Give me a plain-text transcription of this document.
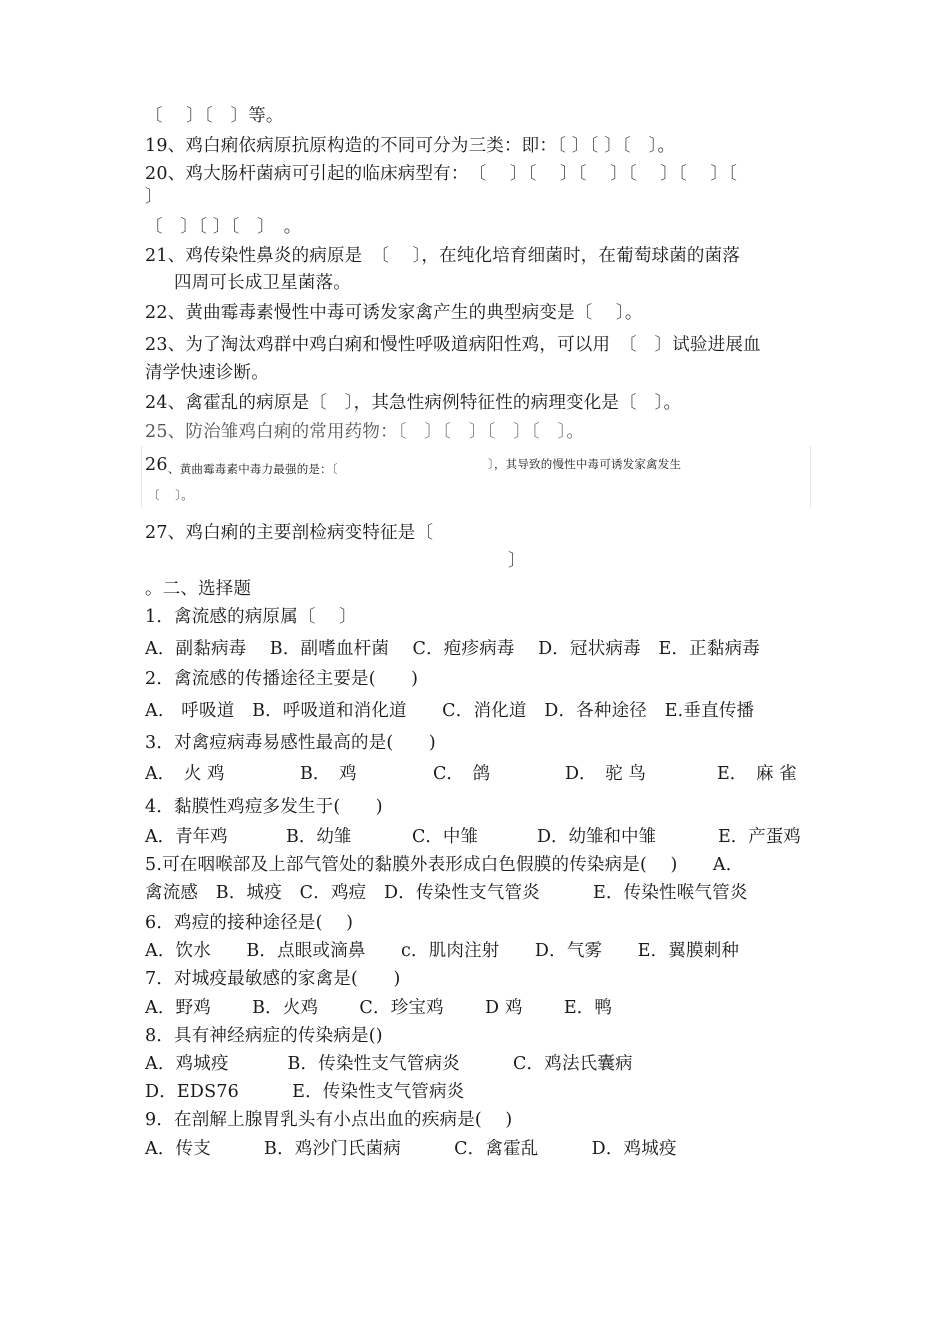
〔　 〕〔　〕等。
19、鸡白痢依病原抗原构造的不同可分为三类：即：〔 〕〔 〕〔　〕。
20、鸡大肠杆菌病可引起的临床病型有：　〔　 〕〔　 〕〔　 〕〔　 〕〔　 〕〔
〕
〔　〕〔 〕〔　〕　。
21、鸡传染性鼻炎的病原是　〔　 〕，在纯化培育细菌时，在葡萄球菌的菌落
四周可长成卫星菌落。
22、黄曲霉毒素慢性中毒可诱发家禽产生的典型病变是〔　 〕。
23、为了淘汰鸡群中鸡白痢和慢性呼吸道病阳性鸡，可以用　〔　〕试验进展血
清学快速诊断。
24、禽霍乱的病原是〔　〕，其急性病例特征性的病理变化是〔　〕。
25、防治雏鸡白痢的常用药物：〔　〕〔　〕〔　〕〔　〕。
26 、黄曲霉毒素中毒力最强的是：〔	〕，其导致的慢性中毒可诱发家禽发生
〔　 〕。
27、鸡白痢的主要剖检病变特征是〔
〕
。二、选择题
1．禽流感的病原属〔　 〕
A．副黏病毒　 B．副嗜血杆菌　 C．疱疹病毒　 D．冠状病毒　E．正黏病毒
2．禽流感的传播途径主要是(　　)
A.　呼吸道　B．呼吸道和消化道　　C．消化道　D．各种途径　E.垂直传播
3．对禽痘病毒易感性最高的是(　　)
A．　火 鸡	B．　鸡	C．　鸽	D．　驼 鸟	E．　麻 雀
4．黏膜性鸡痘多发生于(　　)
A．青年鸡	B．幼雏	C．中雏	D．幼雏和中雏	E．产蛋鸡
5.可在咽喉部及上部气管处的黏膜外表形成白色假膜的传染病是(　 )　　A．
禽流感　B．城疫　C．鸡痘　D．传染性支气管炎　　　E．传染性喉气管炎
6．鸡痘的接种途径是(　 )
A．饮水　　B．点眼或滴鼻　　c．肌肉注射　　D．气雾　　E．翼膜刺种
7．对城疫最敏感的家禽是(　　)
A．野鸡　　 B．火鸡　　 C．珍宝鸡　　 D 鸡　　 E．鸭
8．具有神经病症的传染病是()
A．鸡城疫　　　 B．传染性支气管病炎　　　C．鸡法氏囊病
D．EDS76　　　E．传染性支气管病炎
9．在剖解上腺胃乳头有小点出血的疾病是(　 )
A．传支　　　B．鸡沙门氏菌病　　　C．禽霍乱　　　D．鸡城疫
